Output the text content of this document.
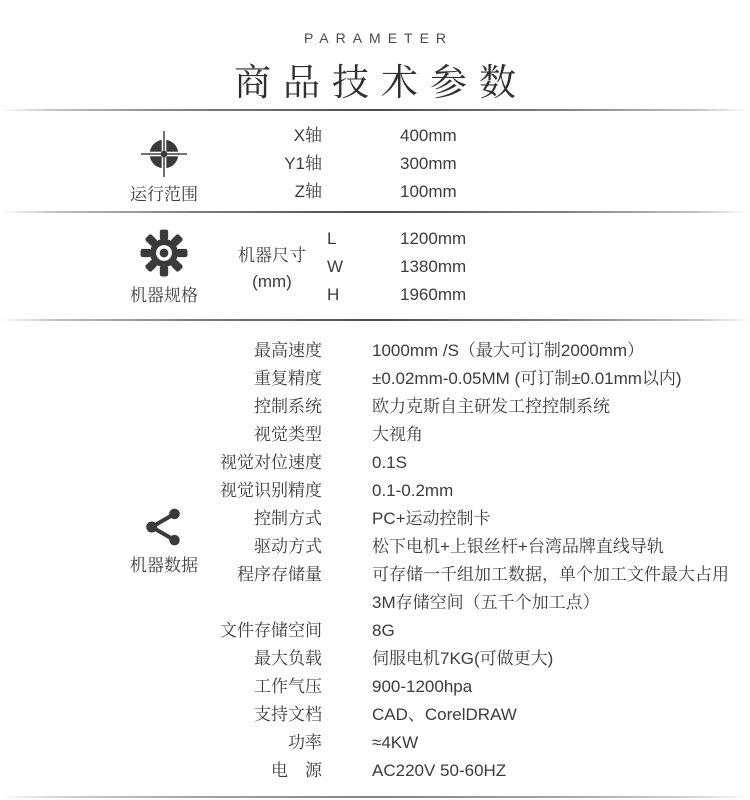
PARAMETER
商品技术参数
运行范围
X轴	400mm
Y1轴	300mm
Z轴	100mm
机器规格
机器尺寸
(mm)
L	1200mm
W	1380mm
H	1960mm
机器数据
最高速度	1000mm /S（最大可订制2000mm）
重复精度	±0.02mm-0.05MM (可订制±0.01mm以内)
控制系统	欧力克斯自主研发工控控制系统
视觉类型	大视角
视觉对位速度	0.1S
视觉识别精度	0.1-0.2mm
控制方式	PC+运动控制卡
驱动方式	松下电机+上银丝杆+台湾品牌直线导轨
程序存储量	可存储一千组加工数据，单个加工文件最大占用3M存储空间（五千个加工点）
文件存储空间	8G
最大负载	伺服电机7KG(可做更大)
工作气压	900-1200hpa
支持文档	CAD、CorelDRAW
功率	≈4KW
电　源	AC220V 50-60HZ
